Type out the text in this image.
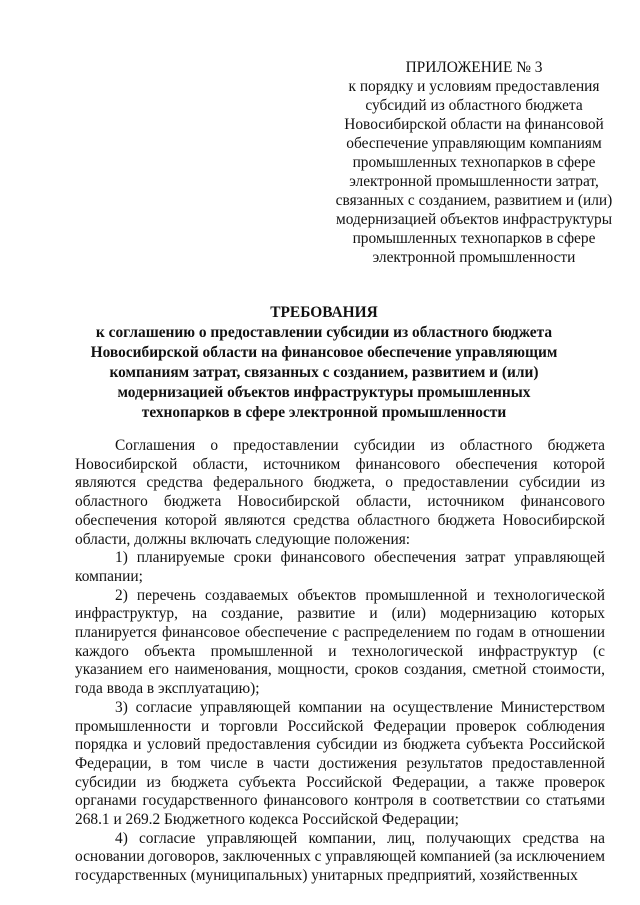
ПРИЛОЖЕНИЕ № 3
к порядку и условиям предоставления
субсидий из областного бюджета
Новосибирской области на финансовой
обеспечение управляющим компаниям
промышленных технопарков в сфере
электронной промышленности затрат,
связанных с созданием, развитием и (или)
модернизацией объектов инфраструктуры
промышленных технопарков в сфере
электронной промышленности
ТРЕБОВАНИЯ
к соглашению о предоставлении субсидии из областного бюджета
Новосибирской области на финансовое обеспечение управляющим
компаниям затрат, связанных с созданием, развитием и (или)
модернизацией объектов инфраструктуры промышленных
технопарков в сфере электронной промышленности

Соглашения о предоставлении субсидии из областного бюджета Новосибирской области, источником финансового обеспечения которой являются средства федерального бюджета, о предоставлении субсидии из областного бюджета Новосибирской области, источником финансового обеспечения которой являются средства областного бюджета Новосибирской области, должны включать следующие положения:

1) планируемые сроки финансового обеспечения затрат управляющей компании;

2) перечень создаваемых объектов промышленной и технологической инфраструктур, на создание, развитие и (или) модернизацию которых планируется финансовое обеспечение с распределением по годам в отношении каждого объекта промышленной и технологической инфраструктур (с указанием его наименования, мощности, сроков создания, сметной стоимости, года ввода в эксплуатацию);

3) согласие управляющей компании на осуществление Министерством промышленности и торговли Российской Федерации проверок соблюдения порядка и условий предоставления субсидии из бюджета субъекта Российской Федерации, в том числе в части достижения результатов предоставленной субсидии из бюджета субъекта Российской Федерации, а также проверок органами государственного финансового контроля в соответствии со статьями 268.1 и 269.2 Бюджетного кодекса Российской Федерации;

4) согласие управляющей компании, лиц, получающих средства на основании договоров, заключенных с управляющей компанией (за исключением государственных (муниципальных) унитарных предприятий, хозяйственных
